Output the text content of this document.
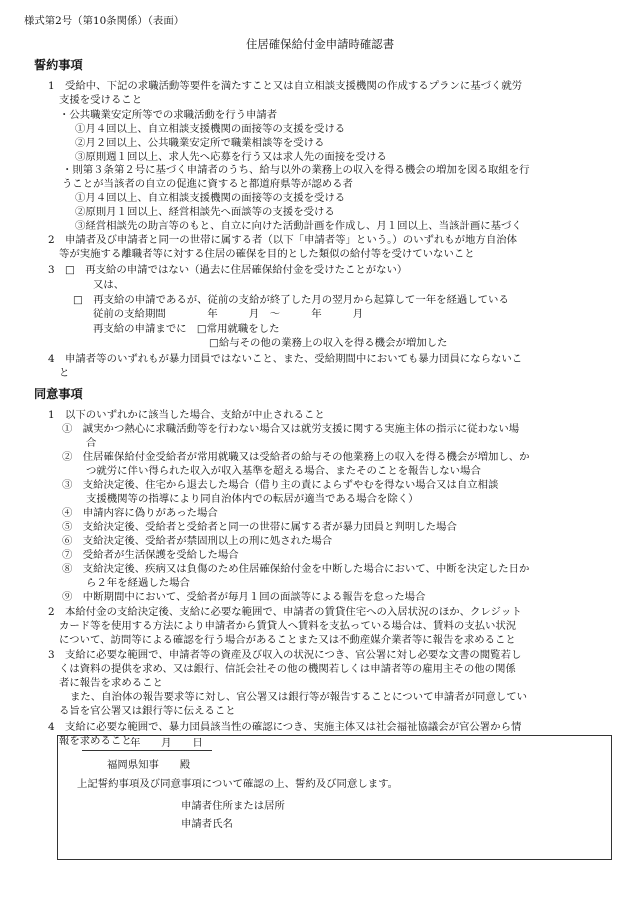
様式第2号（第10条関係）（表面）
住居確保給付金申請時確認書
誓約事項
1　受給中、下記の求職活動等要件を満たすこと又は自立相談支援機関の作成するプランに基づく就労
支援を受けること
・公共職業安定所等での求職活動を行う申請者
①月４回以上、自立相談支援機関の面接等の支援を受ける
②月２回以上、公共職業安定所で職業相談等を受ける
③原則週１回以上、求人先へ応募を行う又は求人先の面接を受ける
・則第３条第２号に基づく申請者のうち、給与以外の業務上の収入を得る機会の増加を図る取組を行
うことが当該者の自立の促進に資すると都道府県等が認める者
①月４回以上、自立相談支援機関の面接等の支援を受ける
②原則月１回以上、経営相談先へ面談等の支援を受ける
③経営相談先の助言等のもと、自立に向けた活動計画を作成し、月１回以上、当該計画に基づく
2　申請者及び申請者と同一の世帯に属する者（以下「申請者等」という。）のいずれもが地方自治体
等が実施する離職者等に対する住居の確保を目的とした類似の給付等を受けていないこと
3　□　再支給の申請ではない（過去に住居確保給付金を受けたことがない）
又は、
□　再支給の申請であるが、従前の支給が終了した月の翌月から起算して一年を経過している
従前の支給期間　　　　年　　　月　〜　　　年　　　月
再支給の申請までに　□常用就職をした
□給与その他の業務上の収入を得る機会が増加した
4　申請者等のいずれもが暴力団員ではないこと、また、受給期間中においても暴力団員にならないこ
と
同意事項
1　以下のいずれかに該当した場合、支給が中止されること
①　誠実かつ熱心に求職活動等を行わない場合又は就労支援に関する実施主体の指示に従わない場
合
②　住居確保給付金受給者が常用就職又は受給者の給与その他業務上の収入を得る機会が増加し、か
つ就労に伴い得られた収入が収入基準を超える場合、またそのことを報告しない場合
③　支給決定後、住宅から退去した場合（借り主の責によらずやむを得ない場合又は自立相談
支援機関等の指導により同自治体内での転居が適当である場合を除く）
④　申請内容に偽りがあった場合
⑤　支給決定後、受給者と受給者と同一の世帯に属する者が暴力団員と判明した場合
⑥　支給決定後、受給者が禁固刑以上の刑に処された場合
⑦　受給者が生活保護を受給した場合
⑧　支給決定後、疾病又は負傷のため住居確保給付金を中断した場合において、中断を決定した日か
ら２年を経過した場合
⑨　中断期間中において、受給者が毎月１回の面談等による報告を怠った場合
2　本給付金の支給決定後、支給に必要な範囲で、申請者の賃貸住宅への入居状況のほか、クレジット
カード等を使用する方法により申請者から賃貸人へ賃料を支払っている場合は、賃料の支払い状況
について、訪問等による確認を行う場合があることまた又は不動産媒介業者等に報告を求めること
3　支給に必要な範囲で、申請者等の資産及び収入の状況につき、官公署に対し必要な文書の閲覧若し
くは資料の提供を求め、又は銀行、信託会社その他の機関若しくは申請者等の雇用主その他の関係
者に報告を求めること
また、自治体の報告要求等に対し、官公署又は銀行等が報告することについて申請者が同意してい
る旨を官公署又は銀行等に伝えること
4　支給に必要な範囲で、暴力団員該当性の確認につき、実施主体又は社会福祉協議会が官公署から情
報を求めること
年　　月　　日
福岡県知事　　殿
上記誓約事項及び同意事項について確認の上、誓約及び同意します。
申請者住所または居所
申請者氏名
